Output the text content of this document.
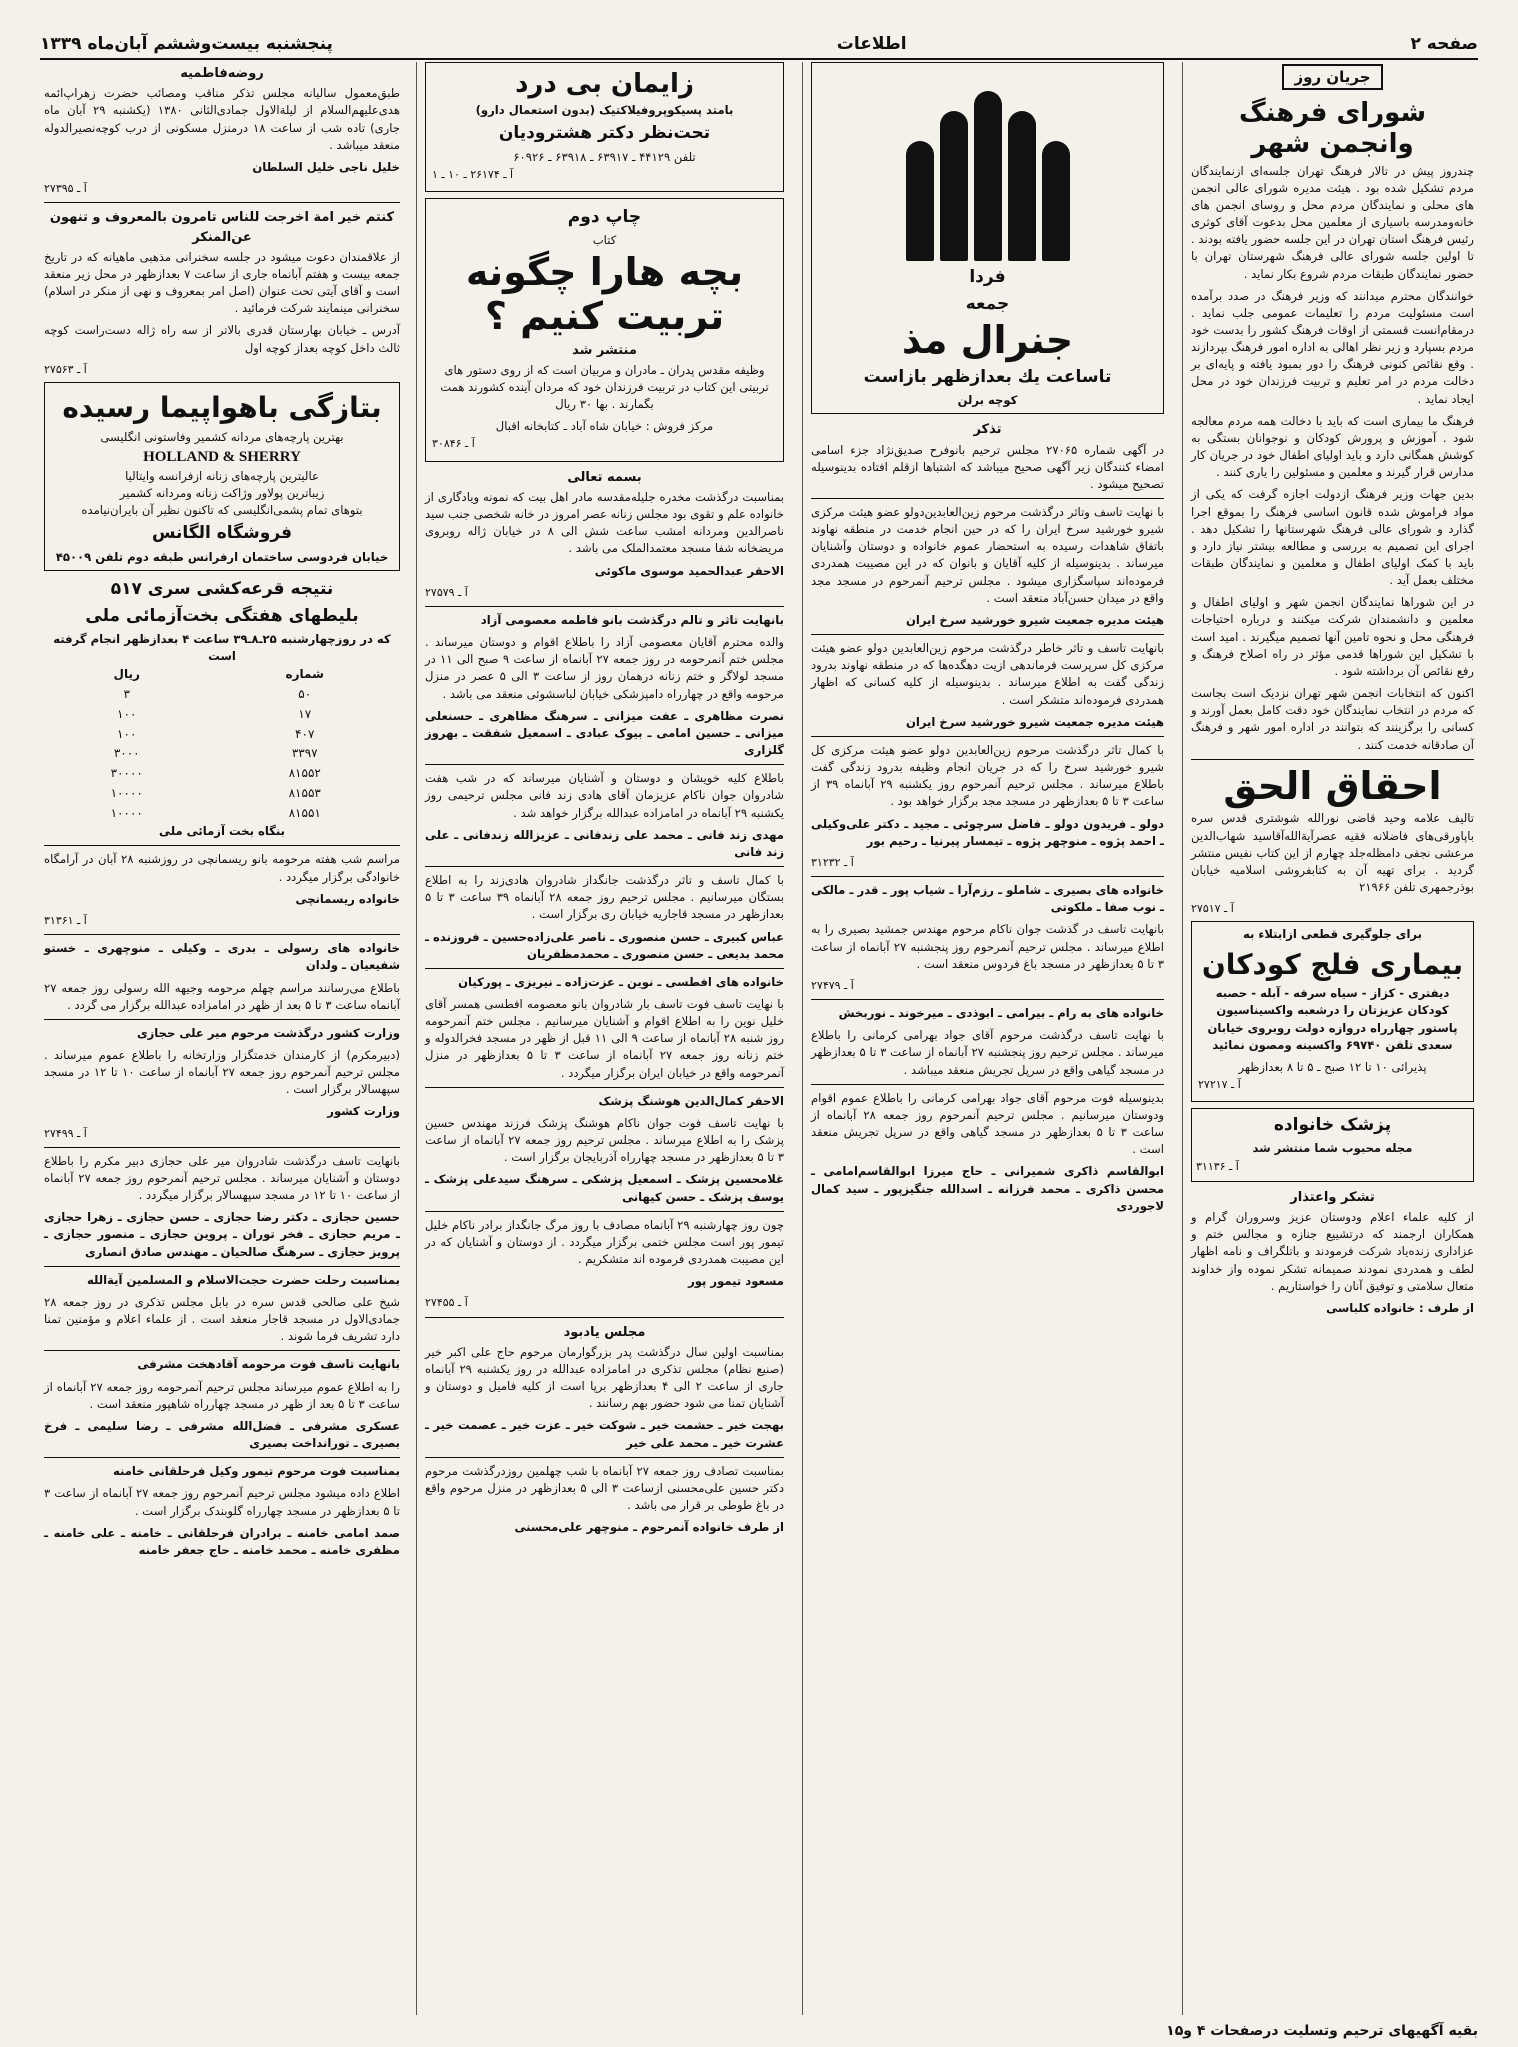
صفحه ۲
اطلاعات
پنجشنبه بیست‌وششم آبان‌ماه ۱۳۳۹
جریان روز
شورای فرهنگ وانجمن شهر

چندروز پیش در تالار فرهنگ تهران جلسه‌ای ازنمایندگان مردم تشکیل شده بود . هیئت مدیره شورای عالی انجمن های محلی و نمایندگان مردم محل و روسای انجمن های خانه‌ومدرسه باسیاری از معلمین محل بدعوت آقای کوثری رئیس فرهنگ استان تهران در این جلسه حضور یافته بودند . تا اولین جلسه شورای عالی فرهنگ شهرستان تهران با حضور نمایندگان طبقات مردم شروع بکار نماید .

خوانندگان محترم میدانند که وزیر فرهنگ در صدد برآمده است مسئولیت مردم را تعلیمات عمومی جلب نماید . درمقام‌انست قسمتی از اوقات فرهنگ کشور را بدست خود مردم بسپارد و زیر نظر اهالی به اداره امور فرهنگ بپردازند . وقع نقائص کنونی فرهنگ را دور بمبود یافته و پایه‌ای بر دخالت مردم در امر تعلیم و تربیت فرزندان خود در محل ایجاد نماید .

فرهنگ ما بیماری است که باید با دخالت همه مردم معالجه شود . آموزش و پرورش کودکان و نوجوانان بستگی به کوشش همگانی دارد و باید اولیای اطفال خود در جریان کار مدارس قرار گیرند و معلمین و مسئولین را یاری کنند .

بدین جهات وزیر فرهنگ ازدولت اجازه گرفت که یکی از مواد فراموش شده قانون اساسی فرهنگ را بموقع اجرا گذارد و شورای عالی فرهنگ شهرستانها را تشکیل دهد . اجرای این تصمیم به بررسی و مطالعه بیشتر نیاز دارد و باید با کمک اولیای اطفال و معلمین و نمایندگان طبقات مختلف بعمل آید .

در این شوراها نمایندگان انجمن شهر و اولیای اطفال و معلمین و دانشمندان شرکت میکنند و درباره احتیاجات فرهنگی محل و نحوه تامین آنها تصمیم میگیرند . امید است با تشکیل این شوراها قدمی مؤثر در راه اصلاح فرهنگ و رفع نقائص آن برداشته شود .

اکنون که انتخابات انجمن شهر تهران نزدیک است بجاست که مردم در انتخاب نمایندگان خود دقت کامل بعمل آورند و کسانی را برگزینند که بتوانند در اداره امور شهر و فرهنگ آن صادقانه خدمت کنند .

احقاق الحق

تالیف علامه وحید قاضی نورالله شوشتری قدس سره باپاورقی‌های فاضلانه فقیه عصرآیةالله‌آقاسید شهاب‌الدین مرعشی نجفی دامظله‌جلد چهارم از این کتاب نفیس منتشر گردید . برای تهیه آن به کتابفروشی اسلامیه خیابان بوذرجمهری تلفن ۲۱۹۶۶

آ ـ ۲۷۵۱۷
برای جلوگیری قطعی ازابتلاء به
بیماری فلج کودکان

دیفتری - کزاز - سیاه سرفه - آبله - حصبه کودکان عزیزتان را درشعبه واکسیناسیون پاستور چهارراه دروازه دولت روبروی خیابان سعدی تلفن ۶۹۷۴۰ واکسینه ومصون نمائید

پذیرائی ۱۰ تا ۱۲ صبح ـ ۵ تا ۸ بعدازظهر
آ ـ ۲۷۲۱۷
پزشک خانواده
مجله محبوب شما منتشر شد
آ ـ ۳۱۱۳۶
تشکر واعتذار

از کلیه علماء اعلام ودوستان عزیز وسروران گرام و همکاران ارجمند که درتشییع جنازه و مجالس ختم و عزاداری زنده‌یاد شرکت فرمودند و باتلگراف و نامه اظهار لطف و همدردی نمودند صمیمانه تشکر نموده واز خداوند متعال سلامتی و توفیق آنان را خواستاریم .

از طرف : خانواده کلباسی

فردا
جمعه
جنرال مذ
تاساعت یك بعدازظهر بازاست
کوچه برلن
تذکر

در آگهی شماره ۲۷۰۶۵ مجلس ترحیم بانوفرح صدیق‌نژاد جزء اسامی امضاء کنندگان زیر آگهی صحیح میباشد که اشتباها ازقلم افتاده بدینوسیله تصحیح میشود .

با نهایت تاسف وتاثر درگذشت مرحوم زین‌العابدین‌دولو عضو هیئت مرکزی شیرو خورشید سرخ ایران را که در حین انجام خدمت در منطقه نهاوند باتفاق شاهدات رسیده به استحضار عموم خانواده و دوستان وآشنایان میرساند . بدینوسیله از کلیه آقایان و بانوان که در این مصیبت همدردی فرموده‌اند سپاسگزاری میشود . مجلس ترحیم آنمرحوم در مسجد مجد واقع در میدان حسن‌آباد منعقد است .

هیئت مدیره جمعیت شیرو خورشید سرخ ایران

بانهایت تاسف و تاثر خاطر درگذشت مرحوم زین‌العابدین دولو عضو هیئت مرکزی کل سرپرست فرماندهی ازیت دهگده‌ها که در منطقه نهاوند بدرود زندگی گفت به اطلاع میرساند . بدینوسیله از کلیه کسانی که اظهار همدردی فرموده‌اند متشکر است .

هیئت مدیره جمعیت شیرو خورشید سرخ ایران

با کمال تاثر درگذشت مرحوم زین‌العابدین دولو عضو هیئت مرکزی کل شیرو خورشید سرخ را که در جریان انجام وظیفه بدرود زندگی گفت باطلاع میرساند . مجلس ترحیم آنمرحوم روز یکشنبه ۲۹ آبانماه ۳۹ از ساعت ۳ تا ۵ بعدازظهر در مسجد مجد برگزار خواهد بود .

دولو ـ فریدون دولو ـ فاضل سرچوئی ـ مجید ـ دکتر علی‌وکیلی ـ احمد پژوه ـ منوچهر پژوه ـ تیمسار پیرنیا ـ رحیم بور

آ ـ ۳۱۲۳۲

خانواده های بصیری ـ شاملو ـ رزم‌آرا ـ شیاب پور ـ قدر ـ مالکی ـ نوب صفا ـ ملکوتی

بانهایت تاسف در گذشت جوان ناکام مرحوم مهندس جمشید بصیری را به اطلاع میرساند . مجلس ترحیم آنمرحوم روز پنجشنبه ۲۷ آبانماه از ساعت ۳ تا ۵ بعدازظهر در مسجد باغ فردوس منعقد است .

آ ـ ۲۷۴۷۹

خانواده های به رام ـ بیرامی ـ ابوذدی ـ میرخوند ـ نوربخش

با نهایت تاسف درگذشت مرحوم آقای جواد بهرامی کرمانی را باطلاع میرساند . مجلس ترحیم روز پنجشنبه ۲۷ آبانماه از ساعت ۳ تا ۵ بعدازظهر در مسجد گیاهی واقع در سرپل تجریش منعقد میباشد .

بدینوسیله فوت مرحوم آقای جواد بهرامی کرمانی را باطلاع عموم اقوام ودوستان میرسانیم . مجلس ترحیم آنمرحوم روز جمعه ۲۸ آبانماه از ساعت ۳ تا ۵ بعدازظهر در مسجد گیاهی واقع در سرپل تجریش منعقد است .

ابوالقاسم ذاکری شمیرانی ـ حاج میرزا ابوالقاسم‌امامی ـ محسن ذاکری ـ محمد فرزانه ـ اسدالله جنگیزپور ـ سید کمال لاجوردی

زایمان بی درد
بامتد پسیکوپروفیلاکتیک (بدون استعمال دارو)
تحت‌نظر دکتر هشترودیان
تلفن ۴۴۱۲۹ ـ ۶۳۹۱۷ ـ ۶۳۹۱۸ ـ ۶۰۹۲۶
آ ـ ۲۶۱۷۴ ـ ۱۰ ـ ۱
چاپ دوم
کتاب
بچه هارا چگونه تربیت کنیم ؟
منتشر شد

وظیفه مقدس پدران ـ مادران و مربیان است که از روی دستور های تربیتی این کتاب در تربیت فرزندان خود که مردان آینده کشورند همت بگمارند . بها ۳۰ ریال

مرکز فروش : خیابان شاه آباد ـ کتابخانه اقبال
آ ـ ۳۰۸۴۶
بسمه تعالی

بمناسبت درگذشت مخدره جلیله‌مقدسه مادر اهل بیت که نمونه ویادگاری از خانواده علم و تقوی بود مجلس زنانه عصر امروز در خانه شخصی جنب سید ناصرالدین ومردانه امشب ساعت شش الی ۸ در خیابان ژاله روبروی مریضخانه شفا مسجد معتمدالملک می باشد .

الاحقر عبدالحمید موسوی ماکوئی

آ ـ ۲۷۵۷۹

بانهایت تاثر و تالم درگذشت بانو فاطمه معصومی آزاد

والده محترم آقایان معصومی آزاد را باطلاع اقوام و دوستان میرساند . مجلس ختم آنمرحومه در روز جمعه ۲۷ آبانماه از ساعت ۹ صبح الی ۱۱ در مسجد لولاگر و ختم زنانه درهمان روز از ساعت ۳ الی ۵ عصر در منزل مرحومه واقع در چهارراه دامپزشکی خیابان لباسشوئی منعقد می باشد .

نصرت مظاهری ـ عفت میزانی ـ سرهنگ مظاهری ـ حسنعلی میزانی ـ حسین امامی ـ بیوک عبادی ـ اسمعیل شفقت ـ بهروز گلزاری

باطلاع کلیه خویشان و دوستان و آشنایان میرساند که در شب هفت شادروان جوان ناکام عزیزمان آقای هادی زند فانی مجلس ترحیمی روز یکشنبه ۲۹ آبانماه در امامزاده عبدالله برگزار خواهد شد .

مهدی زند فانی ـ محمد علی زندفانی ـ عزیزالله زندفانی ـ علی زند فانی

با کمال تاسف و تاثر درگذشت جانگداز شادروان هادی‌زند را به اطلاع بستگان میرسانیم . مجلس ترحیم روز جمعه ۲۸ آبانماه ۳۹ ساعت ۳ تا ۵ بعدازظهر در مسجد قاجاریه خیابان ری برگزار است .

عباس کبیری ـ حسن منصوری ـ ناصر علی‌زاده‌حسین ـ فروزنده ـ محمد بدیعی ـ حسن منصوری ـ محمدمظفریان

خانواده های افطسی ـ نوین ـ عزت‌زاده ـ نیریزی ـ پورکیان

با نهایت تاسف فوت تاسف بار شادروان بانو معصومه افطسی همسر آقای خلیل نوین را به اطلاع اقوام و آشنایان میرسانیم . مجلس ختم آنمرحومه روز شنبه ۲۸ آبانماه از ساعت ۹ الی ۱۱ قبل از ظهر در مسجد فخرالدوله و ختم زنانه روز جمعه ۲۷ آبانماه از ساعت ۳ تا ۵ بعدازظهر در منزل آنمرحومه واقع در خیابان ایران برگزار میگردد .

الاحقر کمال‌الدین هوشنگ پزشک

با نهایت تاسف فوت جوان ناکام هوشنگ پزشک فرزند مهندس حسین پزشک را به اطلاع میرساند . مجلس ترحیم روز جمعه ۲۷ آبانماه از ساعت ۳ تا ۵ بعدازظهر در مسجد چهارراه آذربایجان برگزار است .

غلامحسین پزشک ـ اسمعیل پزشکی ـ سرهنگ سیدعلی پزشک ـ یوسف پزشک ـ حسن کیهانی

چون روز چهارشنبه ۲۹ آبانماه مصادف با روز مرگ جانگداز برادر ناکام خلیل تیمور پور است مجلس ختمی برگزار میگردد . از دوستان و آشنایان که در این مصیبت همدردی فرموده اند متشکریم .

مسعود تیمور پور

آ ـ ۲۷۴۵۵
مجلس یادبود

بمناسبت اولین سال درگذشت پدر بزرگوارمان مرحوم حاج علی اکبر خیر (صنیع نظام) مجلس تذکری در امامزاده عبدالله در روز یکشنبه ۲۹ آبانماه جاری از ساعت ۲ الی ۴ بعدازظهر برپا است از کلیه فامیل و دوستان و آشنایان تمنا می شود حضور بهم رسانند .

بهجت خیر ـ حشمت خیر ـ شوکت خیر ـ عزت خیر ـ عصمت خیر ـ عشرت خیر ـ محمد علی خیر

بمناسبت تصادف روز جمعه ۲۷ آبانماه با شب چهلمین روزدرگذشت مرحوم دکتر حسین علی‌محسنی ازساعت ۳ الی ۵ بعدازظهر در منزل مرحوم واقع در باغ طوطی بر قرار می باشد .

از طرف خانواده آنمرحوم ـ منوچهر علی‌محسنی

روضه‌فاطمیه

طبق‌معمول سالیانه مجلس تذکر مناقب ومصائب حضرت زهراپ‌ائمه هدی‌علیهم‌السلام از لیلةالاول جمادی‌الثانی ۱۳۸۰ (یکشنبه ۲۹ آبان ماه جاری) تاده شب از ساعت ۱۸ درمنزل مسکونی از درب کوچه‌نصیرالدوله منعقد میباشد .

خلیل ناجی خلیل السلطان

آ ـ ۲۷۳۹۵
کنتم خیر امة اخرجت للناس تامرون بالمعروف و تنهون عن‌المنکر

از علاقمندان دعوت میشود در جلسه سخنرانی مذهبی ماهیانه که در تاریخ جمعه بیست و هفتم آبانماه جاری از ساعت ۷ بعدازظهر در محل زیر منعقد است و آقای آیتی تحت عنوان (اصل امر بمعروف و نهی از منکر در اسلام) سخنرانی مینمایند شرکت فرمائید .

آدرس ـ خیابان بهارستان قدری بالاتر از سه راه ژاله دست‌راست کوچه ثالث داخل کوچه بعداز کوچه اول

آ ـ ۲۷۵۶۳
بتازگی باهواپیما رسیده
بهترین پارچه‌های مردانه کشمیر وفاستونی انگلیسی
HOLLAND & SHERRY
عالیترین پارچه‌های زنانه ازفرانسه وایتالیا
زیباترین پولاور وژاکت زنانه ومردانه کشمیر
بتوهای تمام پشمی‌انگلیسی که تاکنون نظیر آن بایران‌نیامده
فروشگاه الگانس
خیابان فردوسی ساختمان ارفرانس طبقه دوم تلفن ۴۵۰۰۹
نتیجه قرعه‌کشی سری ۵۱۷
بلیطهای هفتگی بخت‌آزمائی ملی
که در روزچهارشنبه ۲۵ـ۸ـ۳۹ ساعت ۴ بعدازظهر انجام گرفته است
شماره	ریال
۵۰	۳
۱۷	۱۰۰
۴۰۷	۱۰۰
۳۳۹۷	۳۰۰۰
۸۱۵۵۲	۳۰۰۰۰
۸۱۵۵۳	۱۰۰۰۰
۸۱۵۵۱	۱۰۰۰۰
بنگاه بخت آزمائی ملی

مراسم شب هفته مرحومه بانو ریسمانچی در روزشنبه ۲۸ آبان در آرامگاه خانوادگی برگزار میگردد .

خانواده ریسمانچی

آ ـ ۳۱۳۶۱

خانواده های رسولی ـ بدری ـ وکیلی ـ منوچهری ـ خستو شفیعیان ـ ولدان

باطلاع می‌رسانند مراسم چهلم مرحومه وجیهه الله رسولی روز جمعه ۲۷ آبانماه ساعت ۳ تا ۵ بعد از ظهر در امامزاده عبدالله برگزار می گردد .

وزارت کشور درگذشت مرحوم میر علی حجازی

(دبیرمکرم) از کارمندان خدمتگزار وزارتخانه را باطلاع عموم میرساند . مجلس ترحیم آنمرحوم روز جمعه ۲۷ آبانماه از ساعت ۱۰ تا ۱۲ در مسجد سپهسالار برگزار است .

وزارت کشور

آ ـ ۲۷۴۹۹

بانهایت تاسف درگذشت شادروان میر علی حجازی دبیر مکرم را باطلاع دوستان و آشنایان میرساند . مجلس ترحیم آنمرحوم روز جمعه ۲۷ آبانماه از ساعت ۱۰ تا ۱۲ در مسجد سپهسالار برگزار میگردد .

حسین حجازی ـ دکتر رضا حجازی ـ حسن حجازی ـ زهرا حجازی ـ مریم حجازی ـ فخر توران ـ پروین حجازی ـ منصور حجازی ـ پرویز حجازی ـ سرهنگ صالحیان ـ مهندس صادق انصاری

بمناسبت رحلت حضرت حجت‌الاسلام و المسلمین آیةالله

شیخ علی صالحی قدس سره در بابل مجلس تذکری در روز جمعه ۲۸ جمادی‌الاول در مسجد قاجار منعقد است . از علماء اعلام و مؤمنین تمنا دارد تشریف فرما شوند .

بانهایت تاسف فوت مرحومه آقادهخت مشرفی

را به اطلاع عموم میرساند مجلس ترحیم آنمرحومه روز جمعه ۲۷ آبانماه از ساعت ۳ تا ۵ بعد از ظهر در مسجد چهارراه شاهپور منعقد است .

عسکری مشرفی ـ فضل‌الله مشرفی ـ رضا سلیمی ـ فرخ بصیری ـ تورانداخت بصیری

بمناسبت فوت مرحوم تیمور وکیل فرحلقانی خامنه

اطلاع داده میشود مجلس ترحیم آنمرحوم روز جمعه ۲۷ آبانماه از ساعت ۳ تا ۵ بعدازظهر در مسجد چهارراه گلوبندک برگزار است .

صمد امامی خامنه ـ برادران فرحلقانی ـ خامنه ـ علی خامنه ـ مظفری خامنه ـ محمد خامنه ـ حاج جعفر خامنه

بقیه آگهیهای ترحیم وتسلیت درصفحات ۴ و۱۵
